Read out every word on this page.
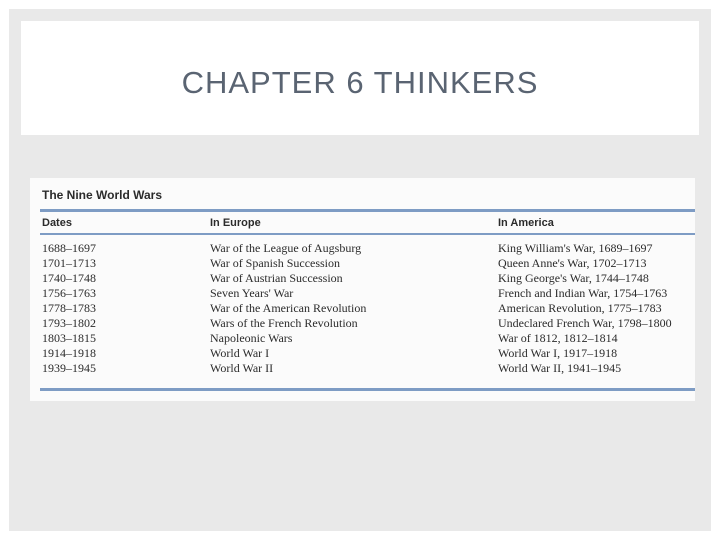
CHAPTER 6 THINKERS
The Nine World Wars
Dates	In Europe	In America
1688–1697	War of the League of Augsburg	King William's War, 1689–1697
1701–1713	War of Spanish Succession	Queen Anne's War, 1702–1713
1740–1748	War of Austrian Succession	King George's War, 1744–1748
1756–1763	Seven Years' War	French and Indian War, 1754–1763
1778–1783	War of the American Revolution	American Revolution, 1775–1783
1793–1802	Wars of the French Revolution	Undeclared French War, 1798–1800
1803–1815	Napoleonic Wars	War of 1812, 1812–1814
1914–1918	World War I	World War I, 1917–1918
1939–1945	World War II	World War II, 1941–1945
